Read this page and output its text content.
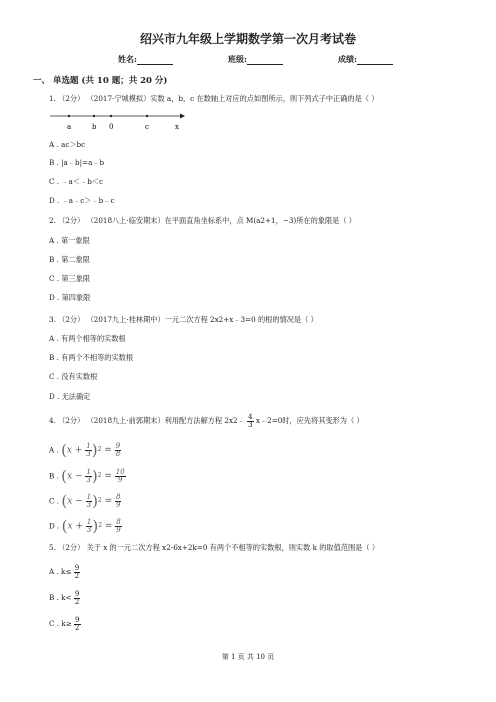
绍兴市九年级上学期数学第一次月考试卷
姓名:	班级:	成绩:
一、 单选题 (共 10 题；共 20 分)
1. （2分） （2017·宁城模拟）实数 a，b，c 在数轴上对应的点如图所示，则下列式子中正确的是（ ）
a	b 0	c	x
A . ac＞bc
B . |a﹣b|=a﹣b
C . ﹣a＜﹣b＜c
D . ﹣a﹣c＞﹣b﹣c
2. （2分） （2018八上·临安期末）在平面直角坐标系中，点 M(a2+1，−3)所在的象限是（ ）
A . 第一象限
B . 第二象限
C . 第三象限
D . 第四象限
3. （2分） （2017九上·桂林期中）一元二次方程 2x2+x﹣3=0 的根的情况是（ ）
A . 有两个相等的实数根
B . 有两个不相等的实数根
C . 没有实数根
D . 无法确定
4. （2分） （2018九上·前郭期末）利用配方法解方程 2x2﹣ $\frac{4}{3}$ x﹣2=0时，应先将其变形为（ ）
A . $(x + \frac{1}{3} )^2 = \frac{9}{8}$
B . $(x - \frac{1}{3} )^2 = \frac{10}{9}$
C . $(x - \frac{1}{3} )^2 = \frac{8}{9}$
D . $(x + \frac{1}{3} )^2 = \frac{8}{9}$
5. （2分） 关于 x 的一元二次方程 x2-6x+2k=0 有两个不相等的实数根，则实数 k 的取值范围是（ ）
A . $k\le \frac{9}{2}$
B . $k< \frac{9}{2}$
C . $k\ge \frac{9}{2}$
第 1 页 共 10 页
